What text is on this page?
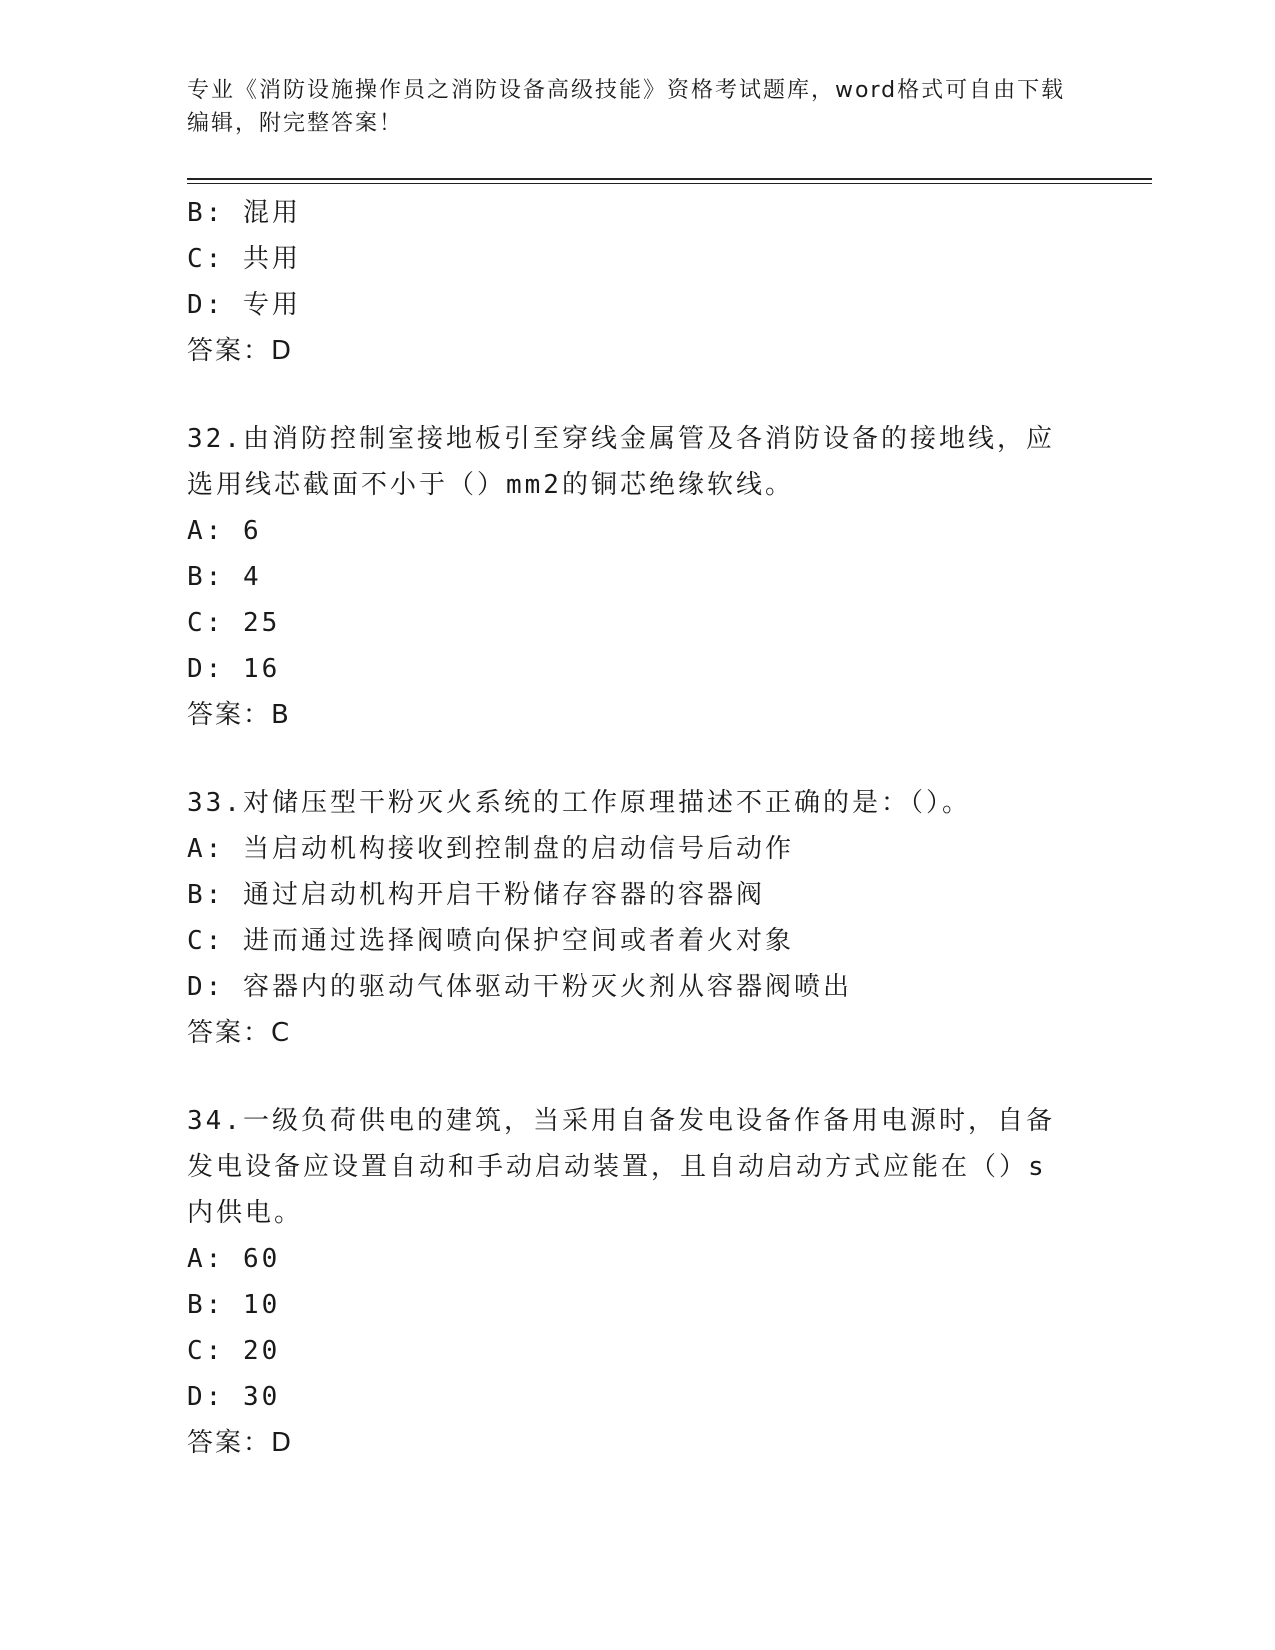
专业《消防设施操作员之消防设备高级技能》资格考试题库，word格式可自由下载编辑，附完整答案！
B: 混用
C: 共用
D: 专用
答案：D
32.由消防控制室接地板引至穿线金属管及各消防设备的接地线，应选用线芯截面不小于（）mm2的铜芯绝缘软线。
A: 6
B: 4
C: 25
D: 16
答案：B
33.对储压型干粉灭火系统的工作原理描述不正确的是：（）。
A: 当启动机构接收到控制盘的启动信号后动作
B: 通过启动机构开启干粉储存容器的容器阀
C: 进而通过选择阀喷向保护空间或者着火对象
D: 容器内的驱动气体驱动干粉灭火剂从容器阀喷出
答案：C
34.一级负荷供电的建筑，当采用自备发电设备作备用电源时，自备发电设备应设置自动和手动启动装置，且自动启动方式应能在（）s内供电。
A: 60
B: 10
C: 20
D: 30
答案：D
